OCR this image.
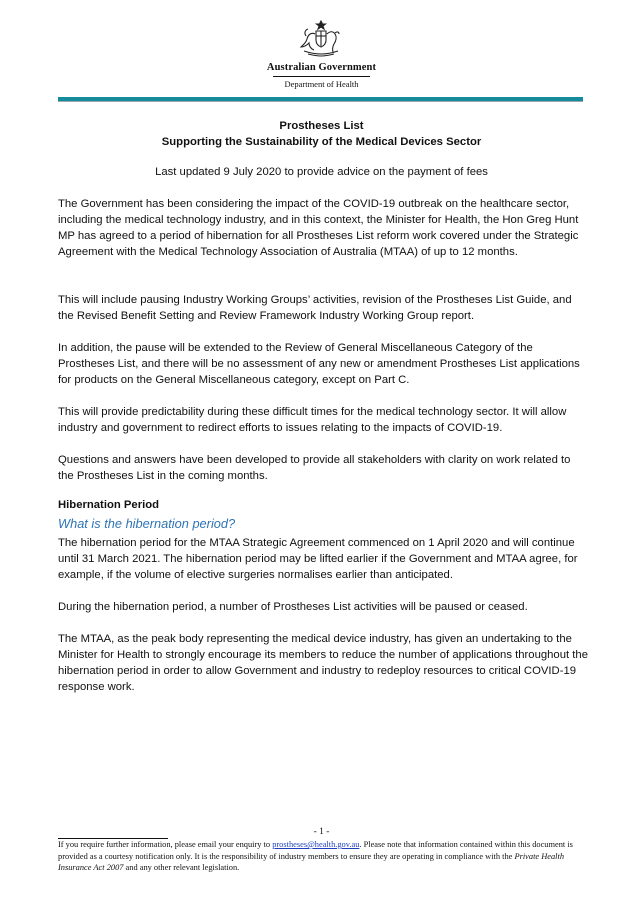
Australian Government
Department of Health
Prostheses List
Supporting the Sustainability of the Medical Devices Sector
Last updated 9 July 2020 to provide advice on the payment of fees
The Government has been considering the impact of the COVID-19 outbreak on the healthcare sector, including the medical technology industry, and in this context, the Minister for Health, the Hon Greg Hunt MP has agreed to a period of hibernation for all Prostheses List reform work covered under the Strategic Agreement with the Medical Technology Association of Australia (MTAA) of up to 12 months.
This will include pausing Industry Working Groups’ activities, revision of the Prostheses List Guide, and the Revised Benefit Setting and Review Framework Industry Working Group report.
In addition, the pause will be extended to the Review of General Miscellaneous Category of the Prostheses List, and there will be no assessment of any new or amendment Prostheses List applications for products on the General Miscellaneous category, except on Part C.
This will provide predictability during these difficult times for the medical technology sector. It will allow industry and government to redirect efforts to issues relating to the impacts of COVID-19.
Questions and answers have been developed to provide all stakeholders with clarity on work related to the Prostheses List in the coming months.
Hibernation Period
What is the hibernation period?
The hibernation period for the MTAA Strategic Agreement commenced on 1 April 2020 and will continue until 31 March 2021. The hibernation period may be lifted earlier if the Government and MTAA agree, for example, if the volume of elective surgeries normalises earlier than anticipated.
During the hibernation period, a number of Prostheses List activities will be paused or ceased.
The MTAA, as the peak body representing the medical device industry, has given an undertaking to the Minister for Health to strongly encourage its members to reduce the number of applications throughout the hibernation period in order to allow Government and industry to redeploy resources to critical COVID-19 response work.
- 1 -
If you require further information, please email your enquiry to prostheses@health.gov.au. Please note that information contained within this document is provided as a courtesy notification only. It is the responsibility of industry members to ensure they are operating in compliance with the Private Health Insurance Act 2007 and any other relevant legislation.
